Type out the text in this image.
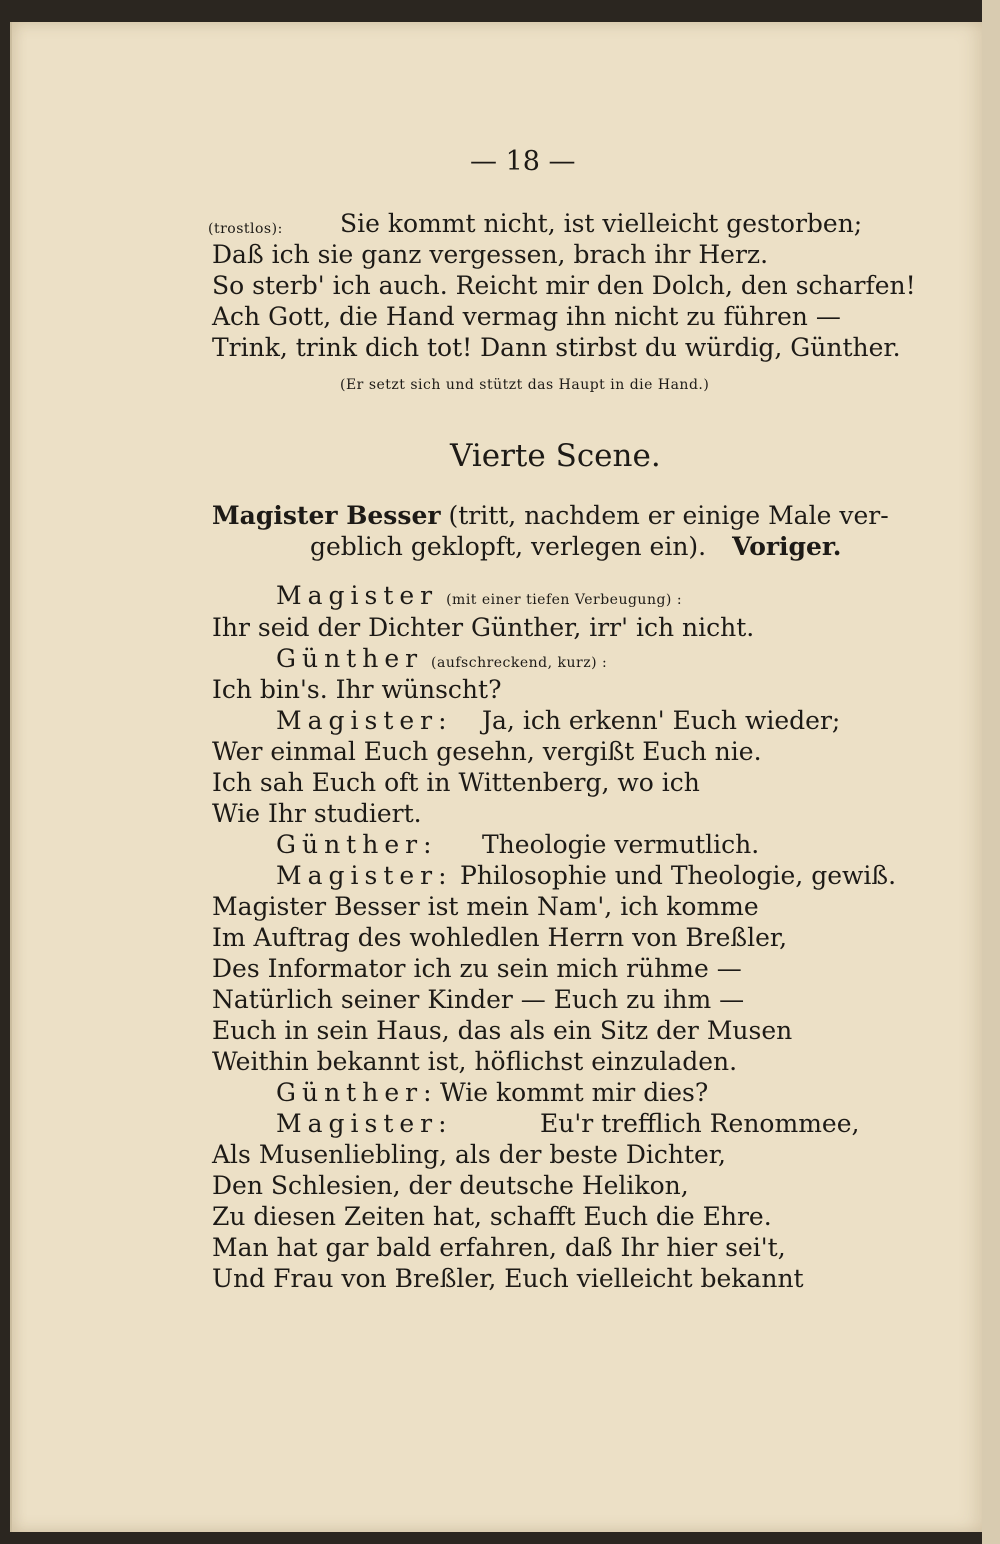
— 18 —
(trostlos): Sie kommt nicht, ist vielleicht gestorben;
Daß ich sie ganz vergessen, brach ihr Herz.
So sterb' ich auch. Reicht mir den Dolch, den scharfen!
Ach Gott, die Hand vermag ihn nicht zu führen —
Trink, trink dich tot! Dann stirbst du würdig, Günther.
(Er setzt sich und stützt das Haupt in die Hand.)
Vierte Scene.
Magister Besser (tritt, nachdem er einige Male ver-
geblich geklopft, verlegen ein). Voriger.
Magister (mit einer tiefen Verbeugung) :
Ihr seid der Dichter Günther, irr' ich nicht.
Günther (aufschreckend, kurz) :
Ich bin's. Ihr wünscht?
Magister: Ja, ich erkenn' Euch wieder;
Wer einmal Euch gesehn, vergißt Euch nie.
Ich sah Euch oft in Wittenberg, wo ich
Wie Ihr studiert.
Günther: Theologie vermutlich.
Magister: Philosophie und Theologie, gewiß.
Magister Besser ist mein Nam', ich komme
Im Auftrag des wohledlen Herrn von Breßler,
Des Informator ich zu sein mich rühme —
Natürlich seiner Kinder — Euch zu ihm —
Euch in sein Haus, das als ein Sitz der Musen
Weithin bekannt ist, höflichst einzuladen.
Günther: Wie kommt mir dies?
Magister:	Eu'r trefflich Renommee,
Als Musenliebling, als der beste Dichter,
Den Schlesien, der deutsche Helikon,
Zu diesen Zeiten hat, schafft Euch die Ehre.
Man hat gar bald erfahren, daß Ihr hier sei't,
Und Frau von Breßler, Euch vielleicht bekannt
